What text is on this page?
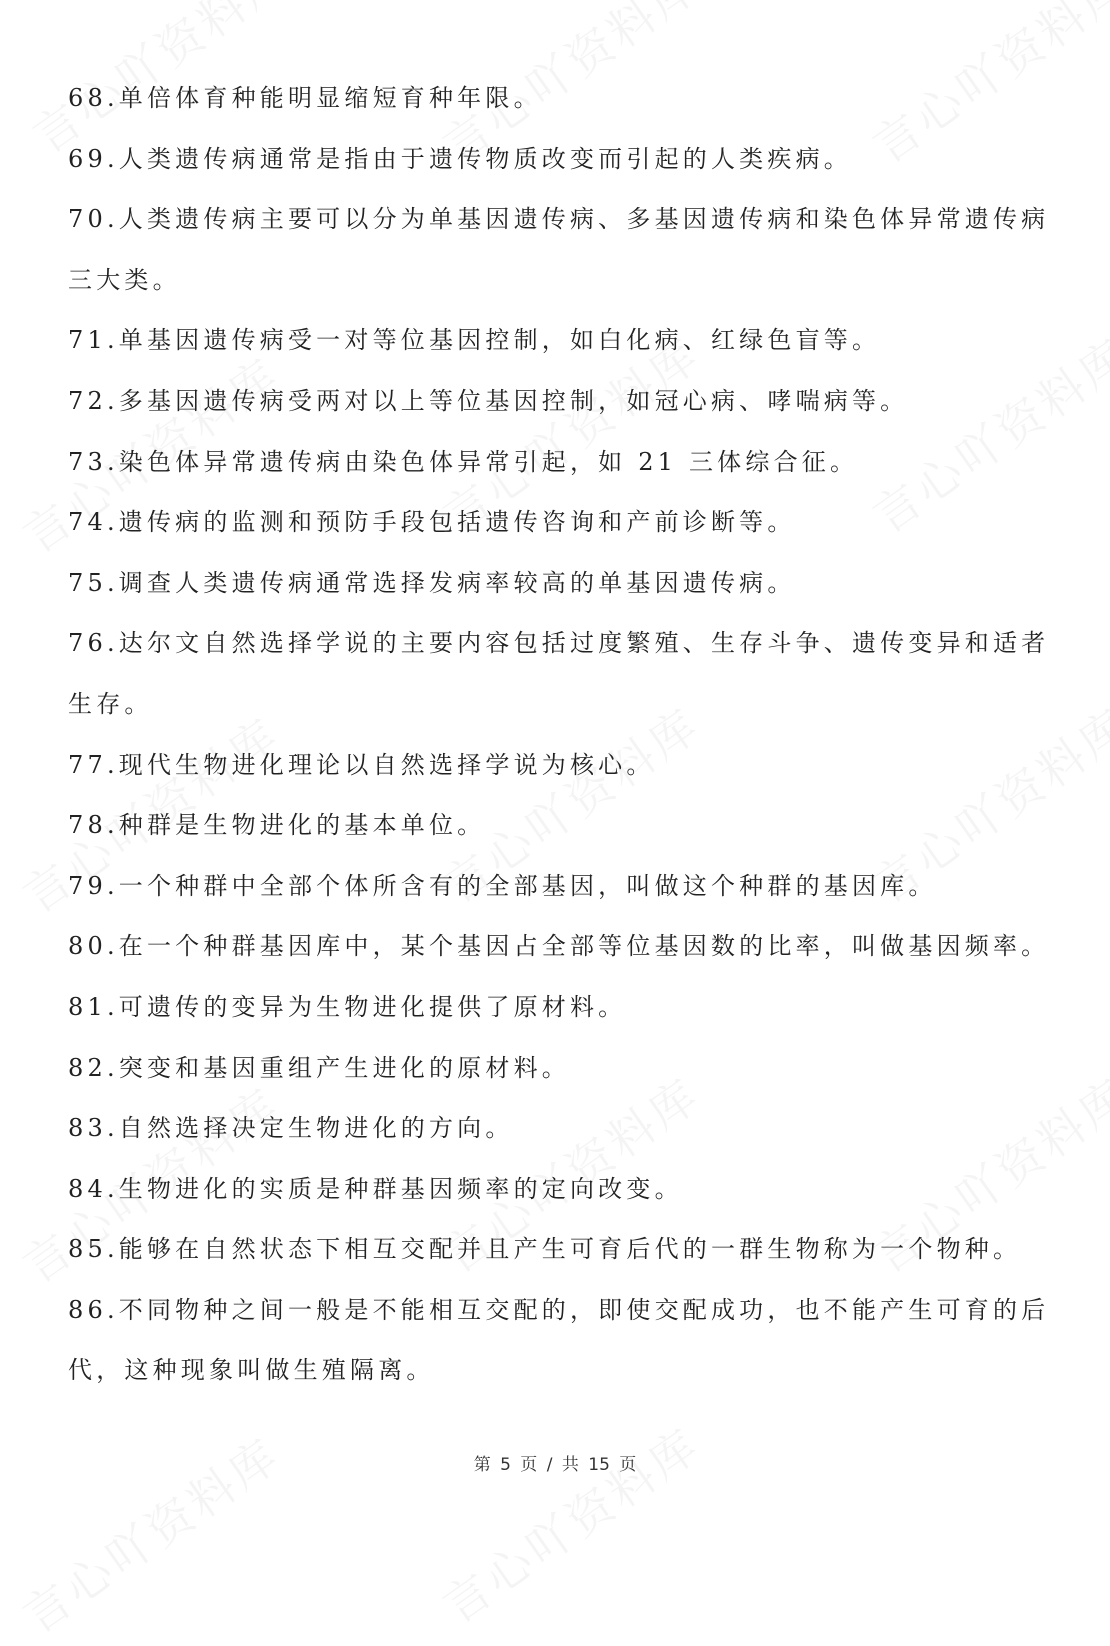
68.单倍体育种能明显缩短育种年限。
69.人类遗传病通常是指由于遗传物质改变而引起的人类疾病。
70.人类遗传病主要可以分为单基因遗传病、多基因遗传病和染色体异常遗传病
三大类。
71.单基因遗传病受一对等位基因控制，如白化病、红绿色盲等。
72.多基因遗传病受两对以上等位基因控制，如冠心病、哮喘病等。
73.染色体异常遗传病由染色体异常引起，如 21 三体综合征。
74.遗传病的监测和预防手段包括遗传咨询和产前诊断等。
75.调查人类遗传病通常选择发病率较高的单基因遗传病。
76.达尔文自然选择学说的主要内容包括过度繁殖、生存斗争、遗传变异和适者
生存。
77.现代生物进化理论以自然选择学说为核心。
78.种群是生物进化的基本单位。
79.一个种群中全部个体所含有的全部基因，叫做这个种群的基因库。
80.在一个种群基因库中，某个基因占全部等位基因数的比率，叫做基因频率。
81.可遗传的变异为生物进化提供了原材料。
82.突变和基因重组产生进化的原材料。
83.自然选择决定生物进化的方向。
84.生物进化的实质是种群基因频率的定向改变。
85.能够在自然状态下相互交配并且产生可育后代的一群生物称为一个物种。
86.不同物种之间一般是不能相互交配的，即使交配成功，也不能产生可育的后
代，这种现象叫做生殖隔离。
第 5 页 / 共 15 页
